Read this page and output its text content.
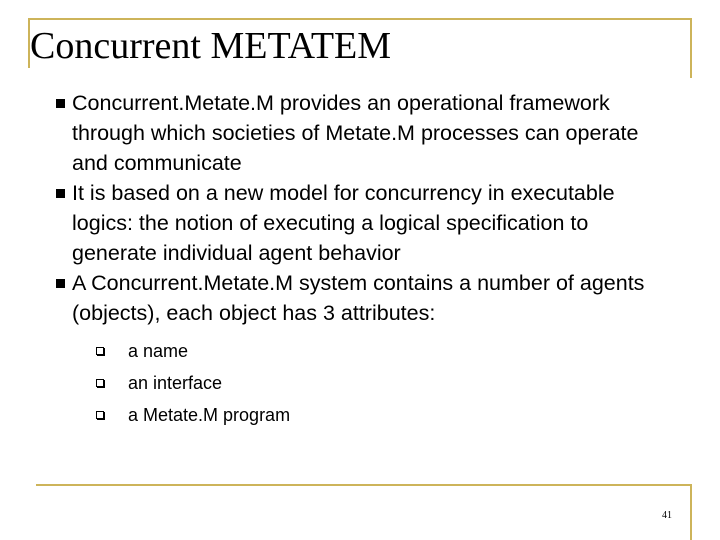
Concurrent METATEM
Concurrent.Metate.M provides an operational framework through which societies of Metate.M processes can operate and communicate
It is based on a new model for concurrency in executable logics: the notion of executing a logical specification to generate individual agent behavior
A Concurrent.Metate.M system contains a number of agents (objects), each object has 3 attributes:
a name
an interface
a Metate.M program
41
